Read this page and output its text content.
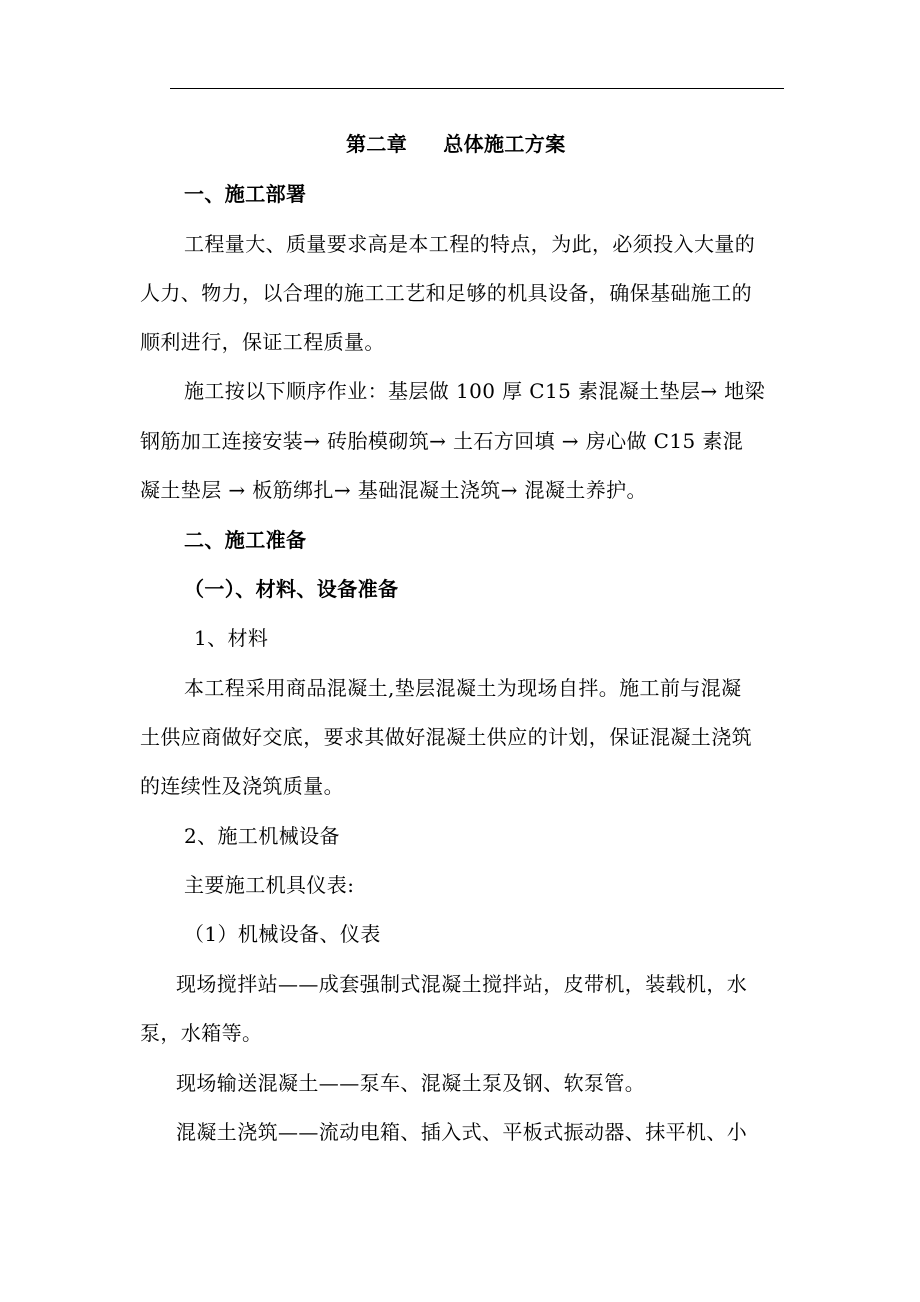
第二章 总体施工方案
一、施工部署
工程量大、质量要求高是本工程的特点，为此，必须投入大量的
人力、物力，以合理的施工工艺和足够的机具设备，确保基础施工的
顺利进行，保证工程质量。
施工按以下顺序作业：基层做 100 厚 C15 素混凝土垫层→ 地梁
钢筋加工连接安装→ 砖胎模砌筑→ 土石方回填 → 房心做 C15 素混
凝土垫层 → 板筋绑扎→ 基础混凝土浇筑→ 混凝土养护。
二、施工准备
（一）、材料、设备准备
1、材料
本工程采用商品混凝土,垫层混凝土为现场自拌。施工前与混凝
土供应商做好交底，要求其做好混凝土供应的计划，保证混凝土浇筑
的连续性及浇筑质量。
2、施工机械设备
主要施工机具仪表:
（1）机械设备、仪表
现场搅拌站——成套强制式混凝土搅拌站，皮带机，装载机，水
泵，水箱等。
现场输送混凝土——泵车、混凝土泵及钢、软泵管。
混凝土浇筑——流动电箱、插入式、平板式振动器、抹平机、小
